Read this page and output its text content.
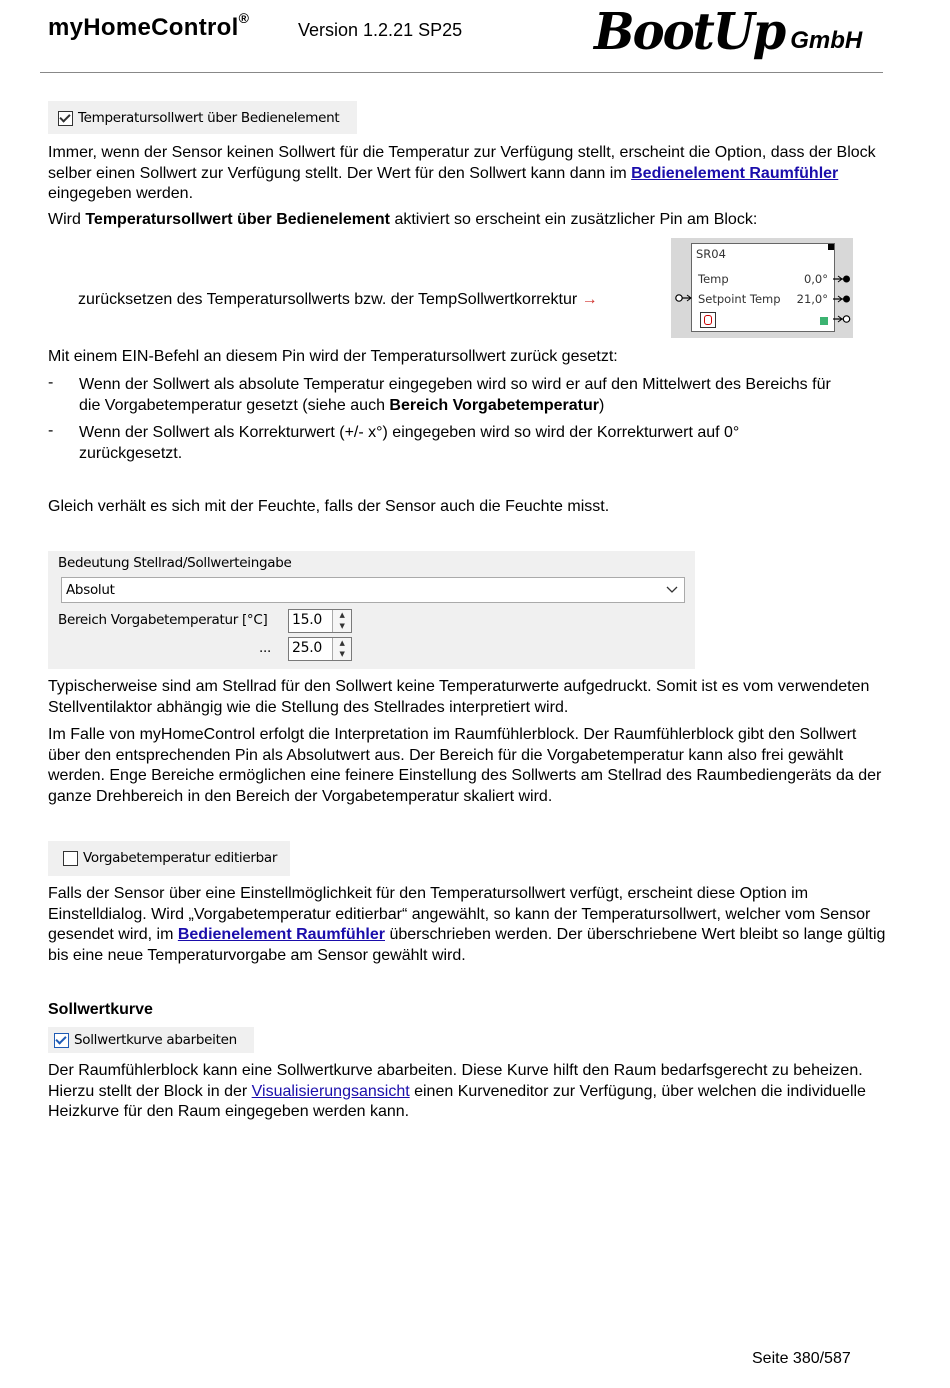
myHomeControl®
Version 1.2.21 SP25	BootUp GmbH
Temperatursollwert über Bedienelement
Immer, wenn der Sensor keinen Sollwert für die Temperatur zur Verfügung stellt, erscheint die Option, dass der Block selber einen Sollwert zur Verfügung stellt. Der Wert für den Sollwert kann dann im Bedienelement Raumfühler eingegeben werden.
Wird Temperatursollwert über Bedienelement aktiviert so erscheint ein zusätzlicher Pin am Block:
zurücksetzen des Temperatursollwerts bzw. der TempSollwertkorrektur →
SR04
Temp	0,0°
Setpoint Temp 21,0°
Mit einem EIN-Befehl an diesem Pin wird der Temperatursollwert zurück gesetzt:
- Wenn der Sollwert als absolute Temperatur eingegeben wird so wird er auf den Mittelwert des Bereichs für die Vorgabetemperatur gesetzt (siehe auch Bereich Vorgabetemperatur)
- Wenn der Sollwert als Korrekturwert (+/- x°) eingegeben wird so wird der Korrekturwert auf 0° zurückgesetzt.
Gleich verhält es sich mit der Feuchte, falls der Sensor auch die Feuchte misst.
Bedeutung Stellrad/Sollwerteingabe
Absolut
Bereich Vorgabetemperatur [°C] 15.0	▲
▼
... 25.0	▲
▼
Typischerweise sind am Stellrad für den Sollwert keine Temperaturwerte aufgedruckt. Somit ist es vom verwendeten Stellventilaktor abhängig wie die Stellung des Stellrades interpretiert wird.
Im Falle von myHomeControl erfolgt die Interpretation im Raumfühlerblock. Der Raumfühlerblock gibt den Sollwert über den entsprechenden Pin als Absolutwert aus. Der Bereich für die Vorgabetemperatur kann also frei gewählt werden. Enge Bereiche ermöglichen eine feinere Einstellung des Sollwerts am Stellrad des Raumbediengeräts da der ganze Drehbereich in den Bereich der Vorgabetemperatur skaliert wird.
Vorgabetemperatur editierbar
Falls der Sensor über eine Einstellmöglichkeit für den Temperatursollwert verfügt, erscheint diese Option im Einstelldialog. Wird „Vorgabetemperatur editierbar“ angewählt, so kann der Temperatursollwert, welcher vom Sensor gesendet wird, im Bedienelement Raumfühler überschrieben werden. Der überschriebene Wert bleibt so lange gültig bis eine neue Temperaturvorgabe am Sensor gewählt wird.
Sollwertkurve
Sollwertkurve abarbeiten
Der Raumfühlerblock kann eine Sollwertkurve abarbeiten. Diese Kurve hilft den Raum bedarfsgerecht zu beheizen. Hierzu stellt der Block in der Visualisierungsansicht einen Kurveneditor zur Verfügung, über welchen die individuelle Heizkurve für den Raum eingegeben werden kann.
Seite 380/587
